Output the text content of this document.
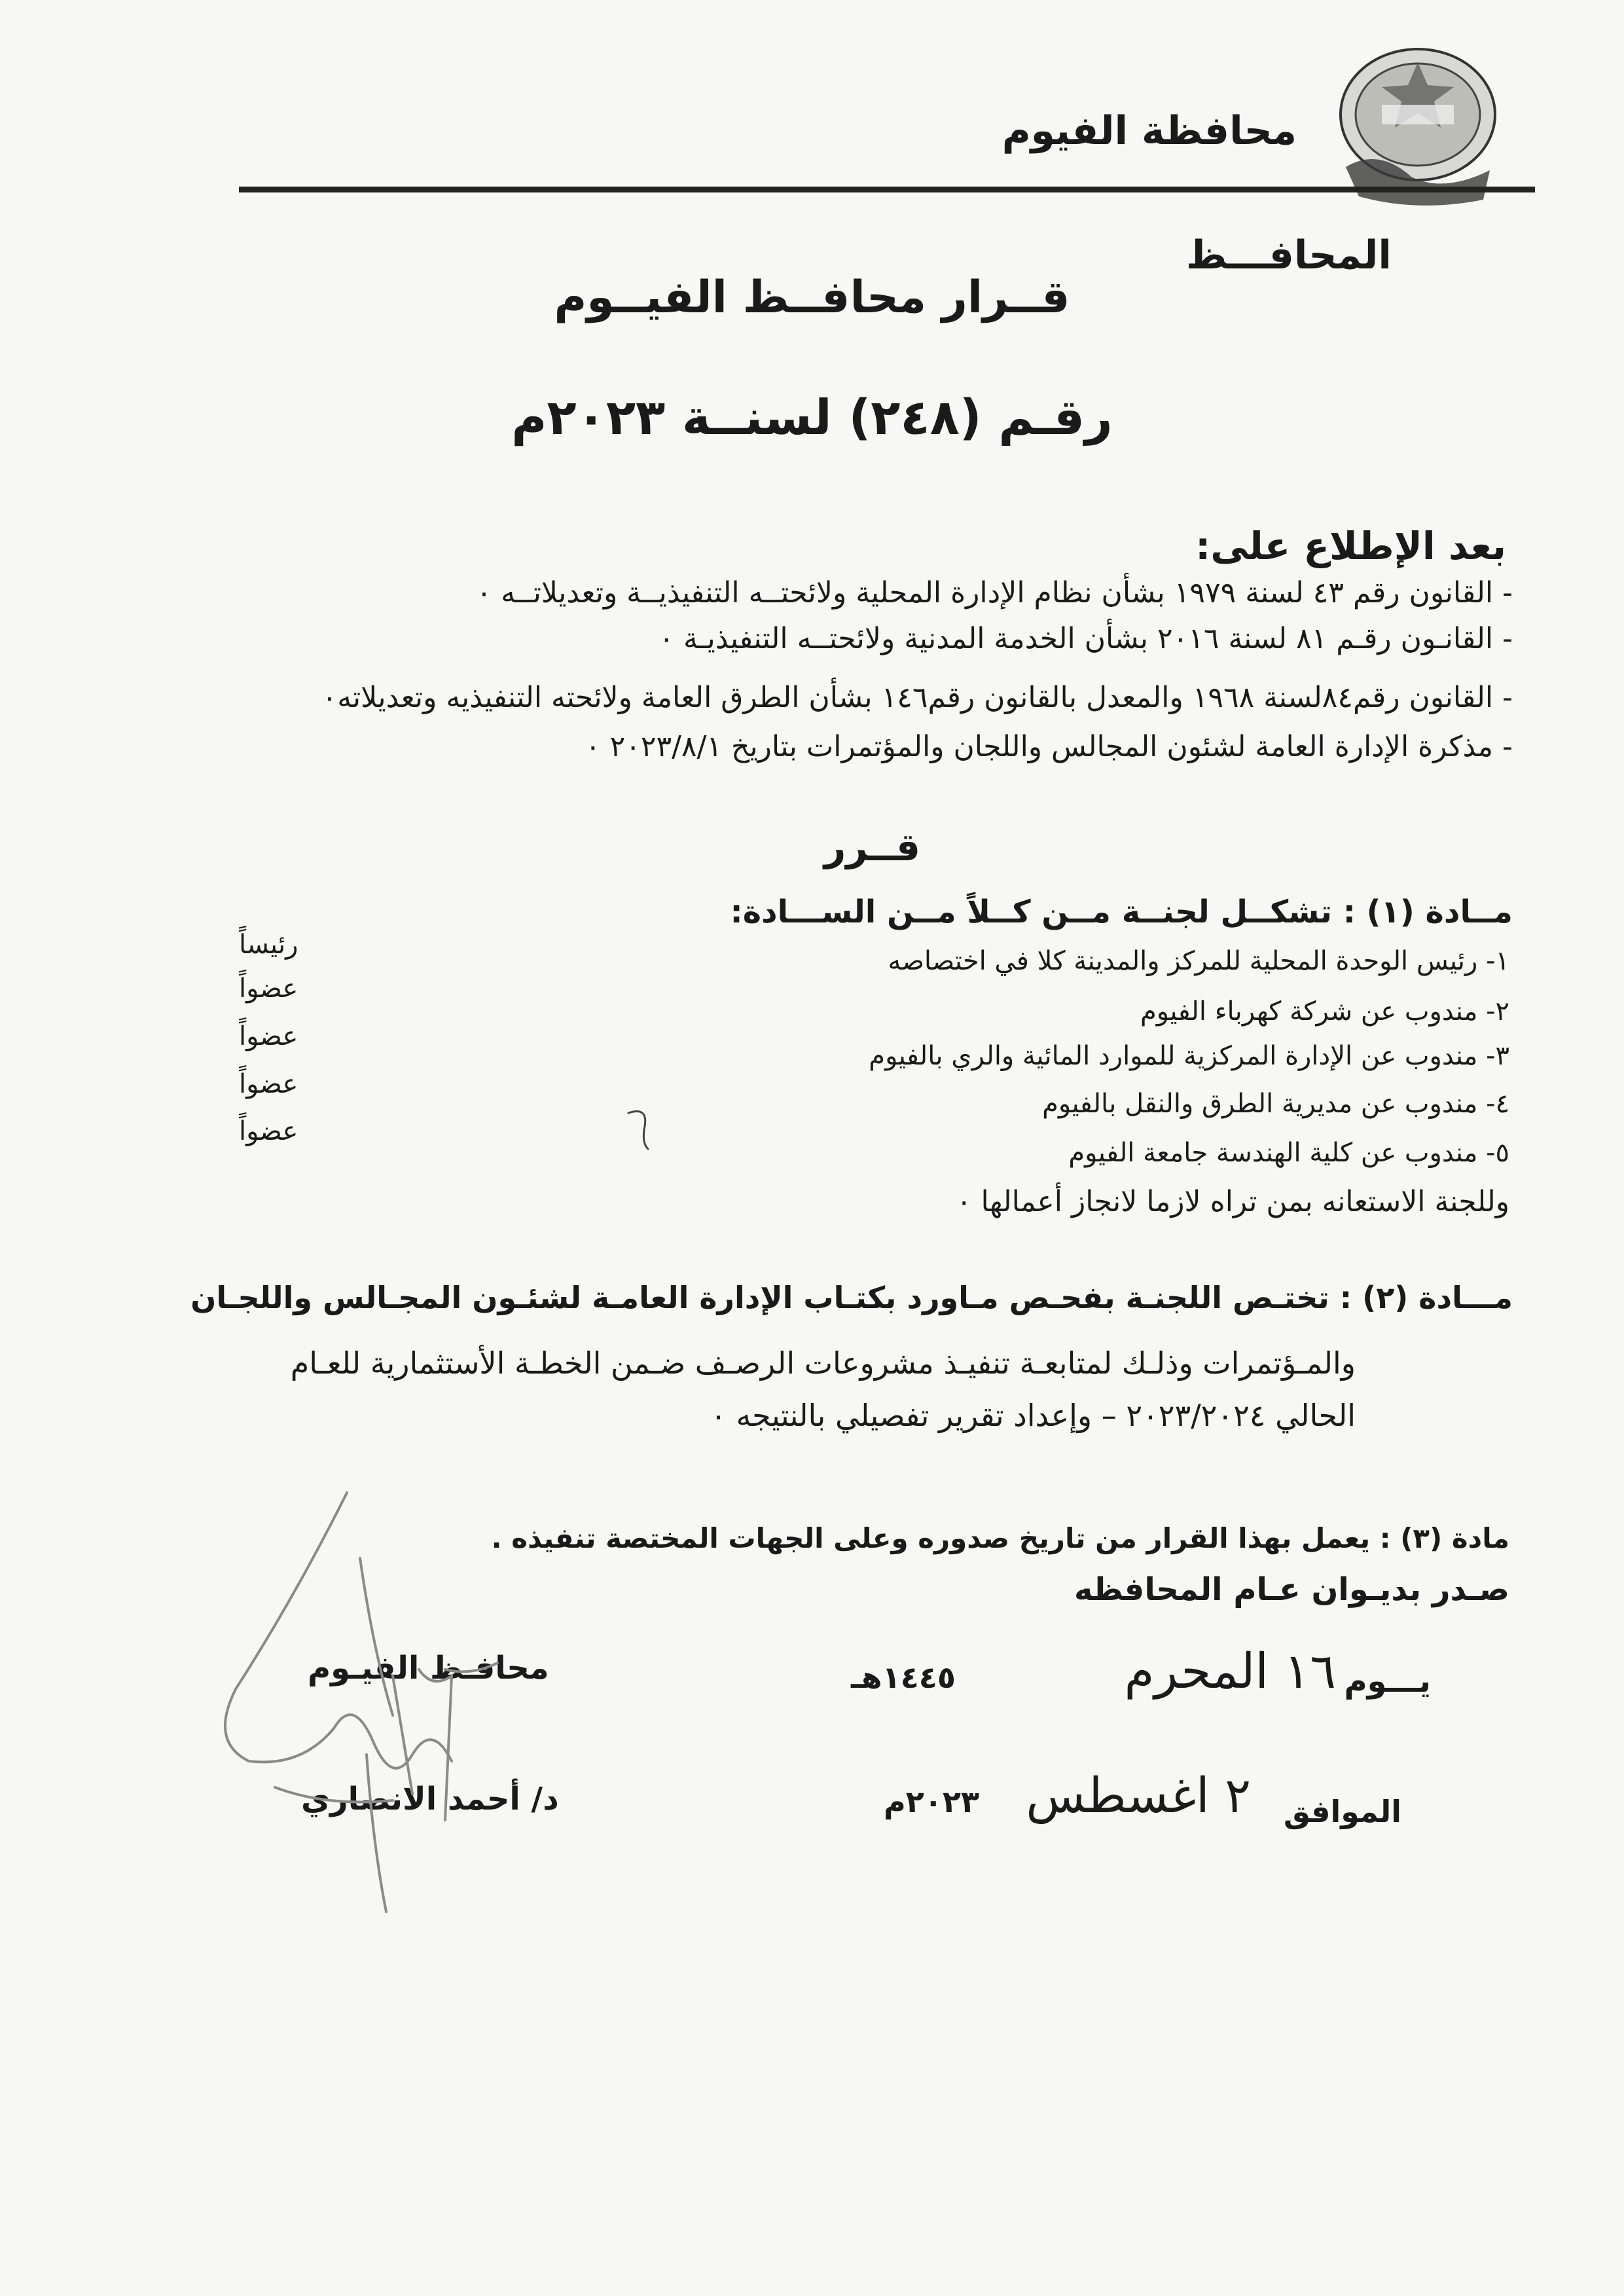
محافظة الفيوم
المحافـــظ
قــرار محافــظ الفيــوم
رقـم (٢٤٨) لسنــة ٢٠٢٣م
بعد الإطلاع على:
- القانون رقم ٤٣ لسنة ١٩٧٩ بشأن نظام الإدارة المحلية ولائحتــه التنفيذيــة وتعديلاتــه ٠
- القانـون رقـم ٨١ لسنة ٢٠١٦ بشأن الخدمة المدنية ولائحتــه التنفيذيـة ٠
- القانون رقم٨٤لسنة ١٩٦٨ والمعدل بالقانون رقم١٤٦ بشأن الطرق العامة ولائحته التنفيذيه وتعديلاته٠
- مذكرة الإدارة العامة لشئون المجالس واللجان والمؤتمرات بتاريخ ٢٠٢٣/٨/١ ٠
قــرر
مــادة (١) : تشكــل لجنــة مــن كــلاً مــن الســـادة:
١- رئيس الوحدة المحلية للمركز والمدينة كلا في اختصاصه
رئيساً
٢- مندوب عن شركة كهرباء الفيوم
عضواً
٣- مندوب عن الإدارة المركزية للموارد المائية والري بالفيوم
عضواً
٤- مندوب عن مديرية الطرق والنقل بالفيوم
عضواً
٥- مندوب عن كلية الهندسة جامعة الفيوم
عضواً
وللجنة الاستعانه بمن تراه لازما لانجاز أعمالها ٠
مـــادة (٢) : تختـص اللجنـة بفحـص مـاورد بكتـاب الإدارة العامـة لشئـون المجـالس واللجـان
والمـؤتمرات وذلـك لمتابعـة تنفيـذ مشروعات الرصـف ضـمن الخطـة الأستثمارية للعـام
الحالي ٢٠٢٣/٢٠٢٤ – وإعداد تقرير تفصيلي بالنتيجه ٠
مادة (٣) : يعمل بهذا القرار من تاريخ صدوره وعلى الجهات المختصة تنفيذه .
صـدر بديـوان عـام المحافظه
يـــوم
١٦ المحرم
١٤٤٥هـ
الموافق
٢ اغسطس
٢٠٢٣م
محافـظ الفيـوم
د/ أحمد الانصاري
